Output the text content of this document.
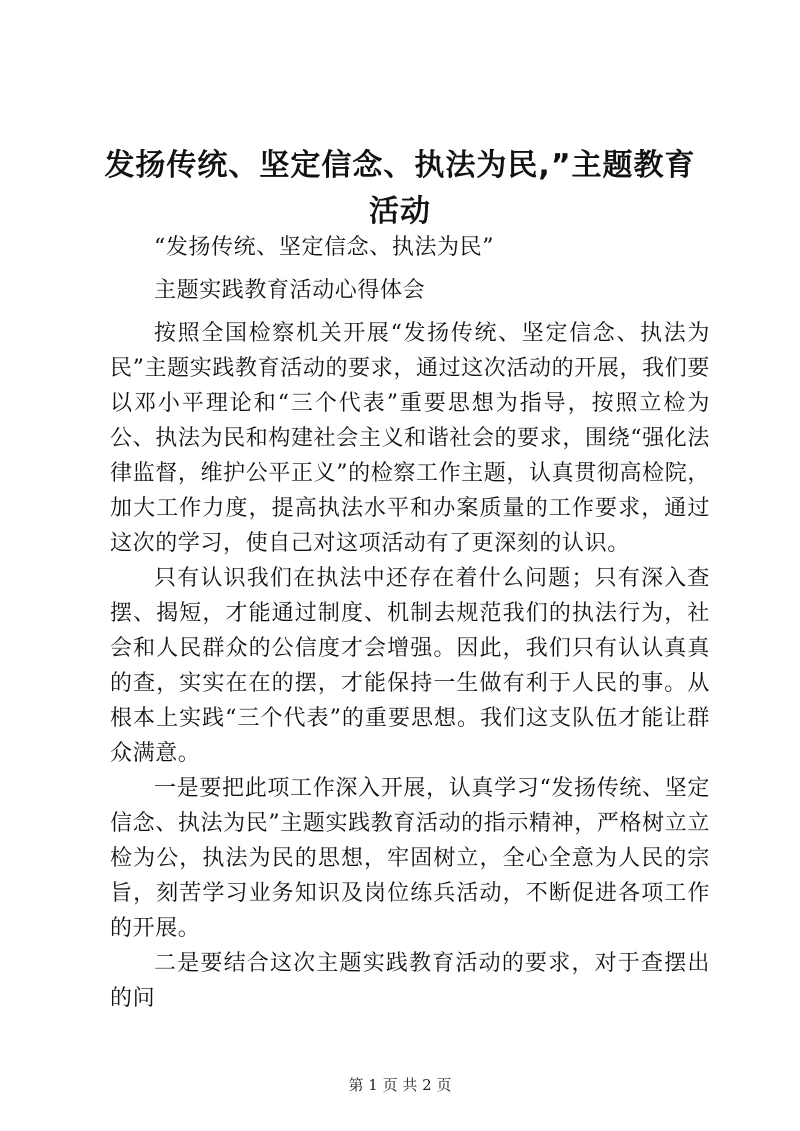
发扬传统、坚定信念、执法为民,”主题教育
活动

“发扬传统、坚定信念、执法为民”

主题实践教育活动心得体会

按照全国检察机关开展“发扬传统、坚定信念、执法为民”主题实践教育活动的要求，通过这次活动的开展，我们要以邓小平理论和“三个代表”重要思想为指导，按照立检为公、执法为民和构建社会主义和谐社会的要求，围绕“强化法律监督，维护公平正义”的检察工作主题，认真贯彻高检院，加大工作力度，提高执法水平和办案质量的工作要求，通过这次的学习，使自己对这项活动有了更深刻的认识。

只有认识我们在执法中还存在着什么问题；只有深入查摆、揭短，才能通过制度、机制去规范我们的执法行为，社会和人民群众的公信度才会增强。因此，我们只有认认真真的查，实实在在的摆，才能保持一生做有利于人民的事。从根本上实践“三个代表”的重要思想。我们这支队伍才能让群众满意。

一是要把此项工作深入开展，认真学习“发扬传统、坚定信念、执法为民”主题实践教育活动的指示精神，严格树立立检为公，执法为民的思想，牢固树立，全心全意为人民的宗旨，刻苦学习业务知识及岗位练兵活动，不断促进各项工作的开展。

二是要结合这次主题实践教育活动的要求，对于查摆出的问

第 1 页 共 2 页
